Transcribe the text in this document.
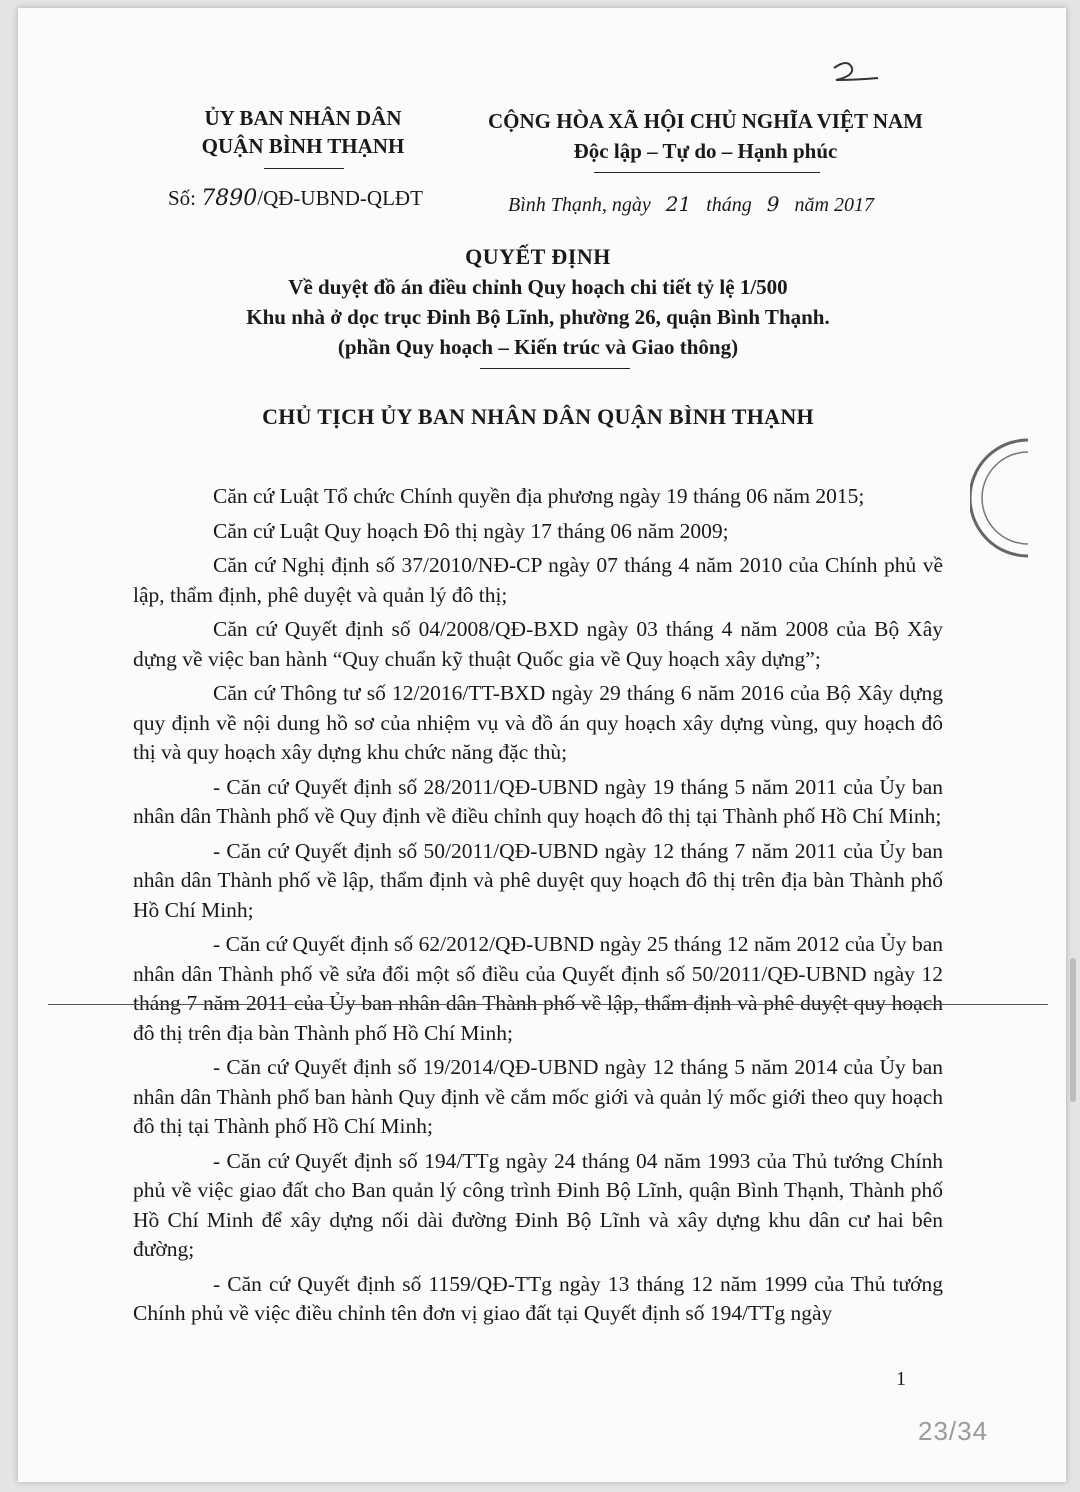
ỦY BAN NHÂN DÂN
QUẬN BÌNH THẠNH
CỘNG HÒA XÃ HỘI CHỦ NGHĨA VIỆT NAM
Độc lập – Tự do – Hạnh phúc
Số: 7890/QĐ-UBND-QLĐT	Bình Thạnh, ngày 21 tháng 9 năm 2017
QUYẾT ĐỊNH
Về duyệt đồ án điều chỉnh Quy hoạch chi tiết tỷ lệ 1/500
Khu nhà ở dọc trục Đinh Bộ Lĩnh, phường 26, quận Bình Thạnh.
(phần Quy hoạch – Kiến trúc và Giao thông)
CHỦ TỊCH ỦY BAN NHÂN DÂN QUẬN BÌNH THẠNH

Căn cứ Luật Tổ chức Chính quyền địa phương ngày 19 tháng 06 năm 2015;

Căn cứ Luật Quy hoạch Đô thị ngày 17 tháng 06 năm 2009;

Căn cứ Nghị định số 37/2010/NĐ-CP ngày 07 tháng 4 năm 2010 của Chính phủ về lập, thẩm định, phê duyệt và quản lý đô thị;

Căn cứ Quyết định số 04/2008/QĐ-BXD ngày 03 tháng 4 năm 2008 của Bộ Xây dựng về việc ban hành “Quy chuẩn kỹ thuật Quốc gia về Quy hoạch xây dựng”;

Căn cứ Thông tư số 12/2016/TT-BXD ngày 29 tháng 6 năm 2016 của Bộ Xây dựng quy định về nội dung hồ sơ của nhiệm vụ và đồ án quy hoạch xây dựng vùng, quy hoạch đô thị và quy hoạch xây dựng khu chức năng đặc thù;

- Căn cứ Quyết định số 28/2011/QĐ-UBND ngày 19 tháng 5 năm 2011 của Ủy ban nhân dân Thành phố về Quy định về điều chỉnh quy hoạch đô thị tại Thành phố Hồ Chí Minh;

- Căn cứ Quyết định số 50/2011/QĐ-UBND ngày 12 tháng 7 năm 2011 của Ủy ban nhân dân Thành phố về lập, thẩm định và phê duyệt quy hoạch đô thị trên địa bàn Thành phố Hồ Chí Minh;

- Căn cứ Quyết định số 62/2012/QĐ-UBND ngày 25 tháng 12 năm 2012 của Ủy ban nhân dân Thành phố về sửa đổi một số điều của Quyết định số 50/2011/QĐ-UBND ngày 12 tháng 7 năm 2011 của Ủy ban nhân dân Thành phố về lập, thẩm định và phê duyệt quy hoạch đô thị trên địa bàn Thành phố Hồ Chí Minh;

- Căn cứ Quyết định số 19/2014/QĐ-UBND ngày 12 tháng 5 năm 2014 của Ủy ban nhân dân Thành phố ban hành Quy định về cắm mốc giới và quản lý mốc giới theo quy hoạch đô thị tại Thành phố Hồ Chí Minh;

- Căn cứ Quyết định số 194/TTg ngày 24 tháng 04 năm 1993 của Thủ tướng Chính phủ về việc giao đất cho Ban quản lý công trình Đinh Bộ Lĩnh, quận Bình Thạnh, Thành phố Hồ Chí Minh để xây dựng nối dài đường Đinh Bộ Lĩnh và xây dựng khu dân cư hai bên đường;

- Căn cứ Quyết định số 1159/QĐ-TTg ngày 13 tháng 12 năm 1999 của Thủ tướng Chính phủ về việc điều chỉnh tên đơn vị giao đất tại Quyết định số 194/TTg ngày

1
23/34
